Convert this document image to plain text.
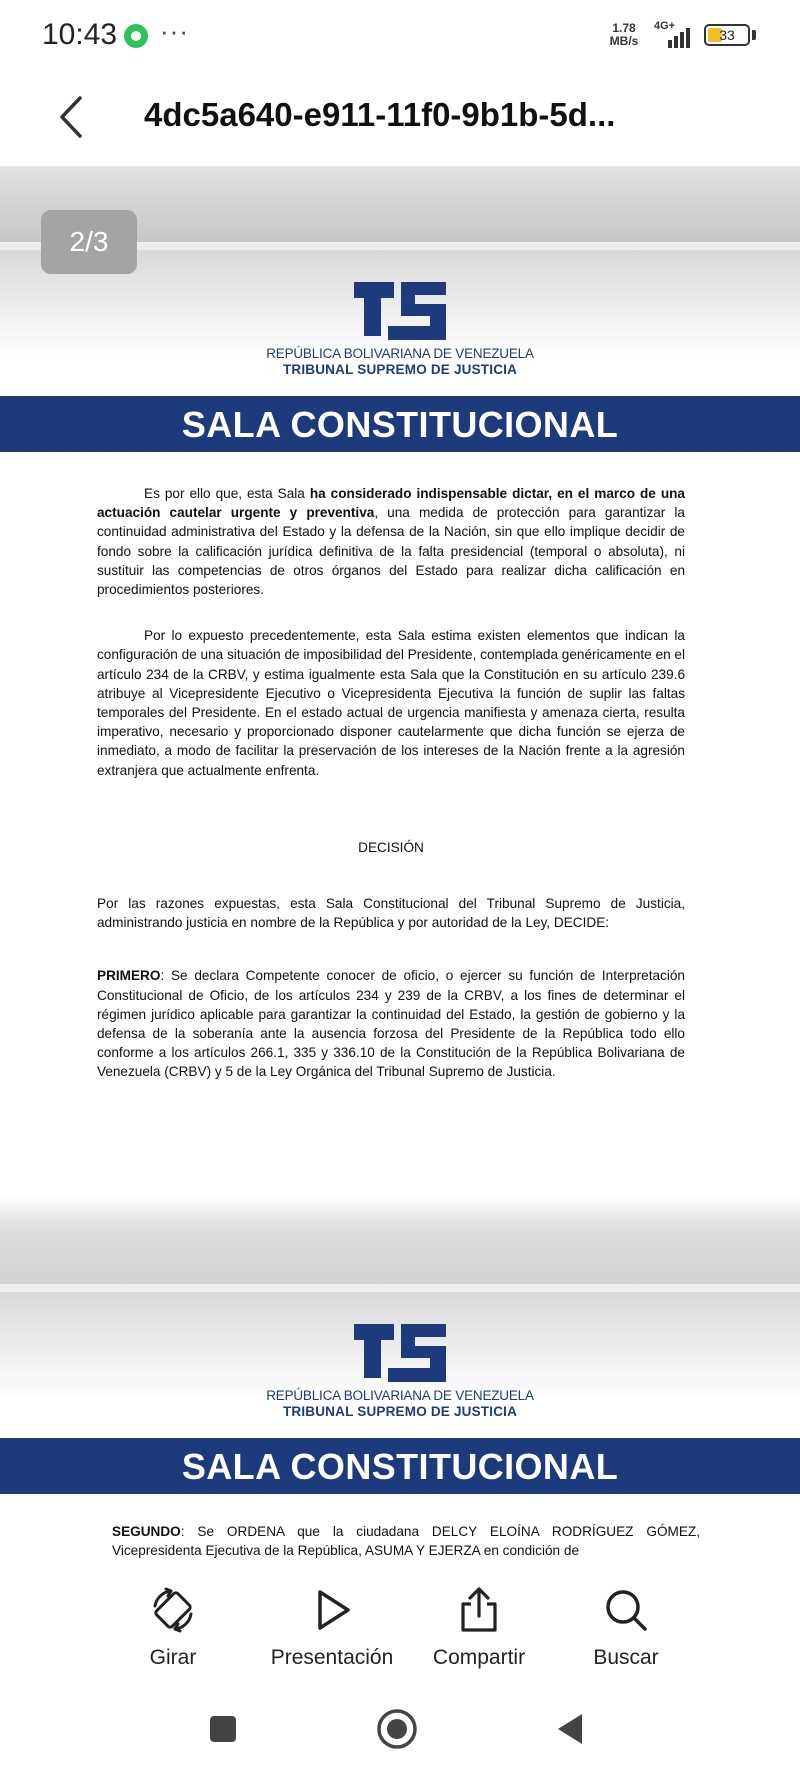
10:43 ···	1.78
MB/s
4G+
33
4dc5a640-e911-11f0-9b1b-5d...
REPÚBLICA BOLIVARIANA DE VENEZUELA
TRIBUNAL SUPREMO DE JUSTICIA
SALA CONSTITUCIONAL

Es por ello que, esta Sala ha considerado indispensable dictar, en el marco de una actuación cautelar urgente y preventiva, una medida de protección para garantizar la continuidad administrativa del Estado y la defensa de la Nación, sin que ello implique decidir de fondo sobre la calificación jurídica definitiva de la falta presidencial (temporal o absoluta), ni sustituir las competencias de otros órganos del Estado para realizar dicha calificación en procedimientos posteriores.

Por lo expuesto precedentemente, esta Sala estima existen elementos que indican la configuración de una situación de imposibilidad del Presidente, contemplada genéricamente en el artículo 234 de la CRBV, y estima igualmente esta Sala que la Constitución en su artículo 239.6 atribuye al Vicepresidente Ejecutivo o Vicepresidenta Ejecutiva la función de suplir las faltas temporales del Presidente. En el estado actual de urgencia manifiesta y amenaza cierta, resulta imperativo, necesario y proporcionado disponer cautelarmente que dicha función se ejerza de inmediato, a modo de facilitar la preservación de los intereses de la Nación frente a la agresión extranjera que actualmente enfrenta.

DECISIÓN

Por las razones expuestas, esta Sala Constitucional del Tribunal Supremo de Justicia, administrando justicia en nombre de la República y por autoridad de la Ley, DECIDE:

PRIMERO: Se declara Competente conocer de oficio, o ejercer su función de Interpretación Constitucional de Oficio, de los artículos 234 y 239 de la CRBV, a los fines de determinar el régimen jurídico aplicable para garantizar la continuidad del Estado, la gestión de gobierno y la defensa de la soberanía ante la ausencia forzosa del Presidente de la República todo ello conforme a los artículos 266.1, 335 y 336.10 de la Constitución de la República Bolivariana de Venezuela (CRBV) y 5 de la Ley Orgánica del Tribunal Supremo de Justicia.

REPÚBLICA BOLIVARIANA DE VENEZUELA
TRIBUNAL SUPREMO DE JUSTICIA
SALA CONSTITUCIONAL

SEGUNDO: Se ORDENA que la ciudadana DELCY ELOÍNA RODRÍGUEZ GÓMEZ, Vicepresidenta Ejecutiva de la República, ASUMA Y EJERZA en condición de

2/3
Girar	Presentación	Compartir	Buscar
